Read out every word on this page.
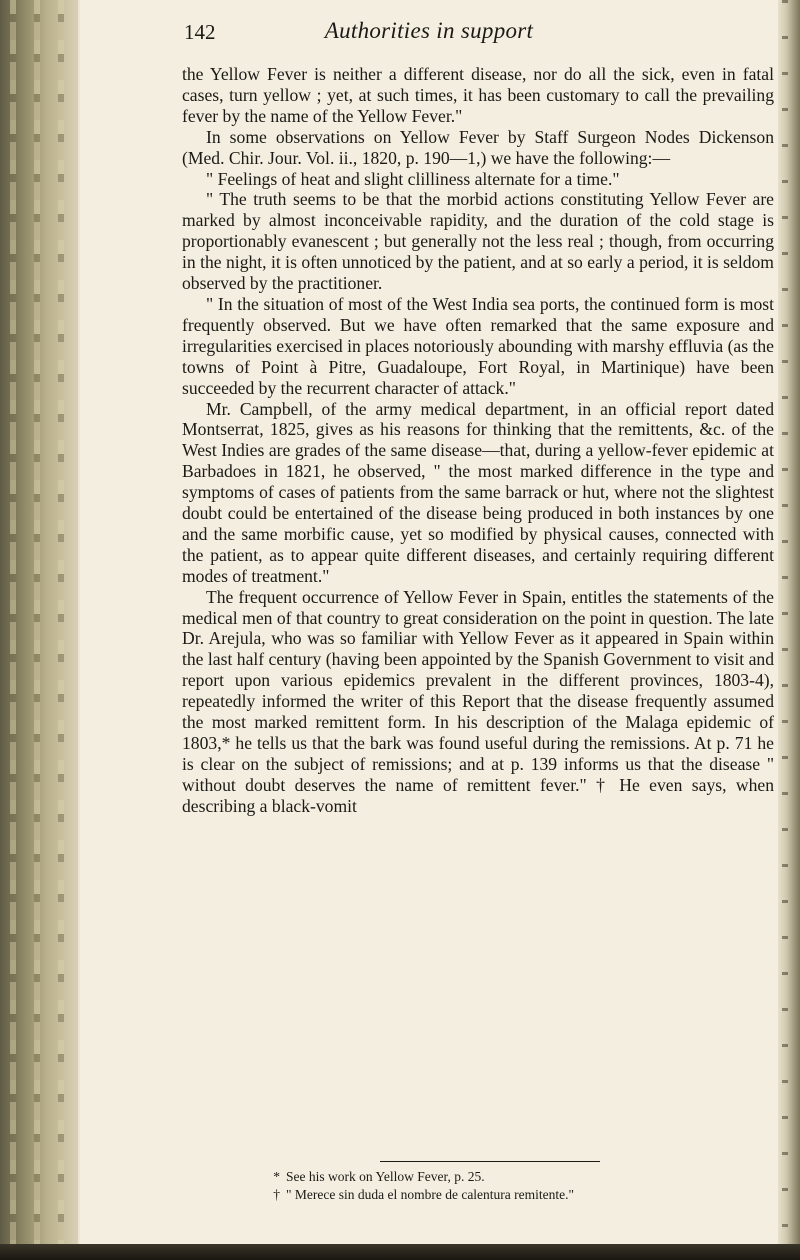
142	Authorities in support

the Yellow Fever is neither a different disease, nor do all the sick, even in fatal cases, turn yellow ; yet, at such times, it has been customary to call the prevailing fever by the name of the Yellow Fever."

In some observations on Yellow Fever by Staff Surgeon Nodes Dickenson (Med. Chir. Jour. Vol. ii., 1820, p. 190—1,) we have the following:—

" Feelings of heat and slight clilliness alternate for a time."

" The truth seems to be that the morbid actions constituting Yellow Fever are marked by almost inconceivable rapidity, and the duration of the cold stage is proportionably evanescent ; but generally not the less real ; though, from occurring in the night, it is often unnoticed by the patient, and at so early a period, it is seldom observed by the practitioner.

" In the situation of most of the West India sea ports, the continued form is most frequently observed. But we have often remarked that the same exposure and irregularities exercised in places notoriously abounding with marshy effluvia (as the towns of Point à Pitre, Guadaloupe, Fort Royal, in Martinique) have been succeeded by the recurrent character of attack."

Mr. Campbell, of the army medical department, in an official report dated Montserrat, 1825, gives as his reasons for thinking that the remittents, &c. of the West Indies are grades of the same disease—that, during a yellow-fever epidemic at Barbadoes in 1821, he observed, " the most marked difference in the type and symptoms of cases of patients from the same barrack or hut, where not the slightest doubt could be entertained of the disease being produced in both instances by one and the same morbific cause, yet so modified by physical causes, connected with the patient, as to appear quite different diseases, and certainly requiring different modes of treatment."

The frequent occurrence of Yellow Fever in Spain, entitles the statements of the medical men of that country to great consideration on the point in question. The late Dr. Arejula, who was so familiar with Yellow Fever as it appeared in Spain within the last half century (having been appointed by the Spanish Government to visit and report upon various epidemics prevalent in the different provinces, 1803-4), repeatedly informed the writer of this Report that the disease frequently assumed the most marked remittent form. In his description of the Malaga epidemic of 1803,* he tells us that the bark was found useful during the remissions. At p. 71 he is clear on the subject of remissions; and at p. 139 informs us that the disease " without doubt deserves the name of remittent fever." † He even says, when describing a black-vomit

* See his work on Yellow Fever, p. 25.
† " Merece sin duda el nombre de calentura remitente."
